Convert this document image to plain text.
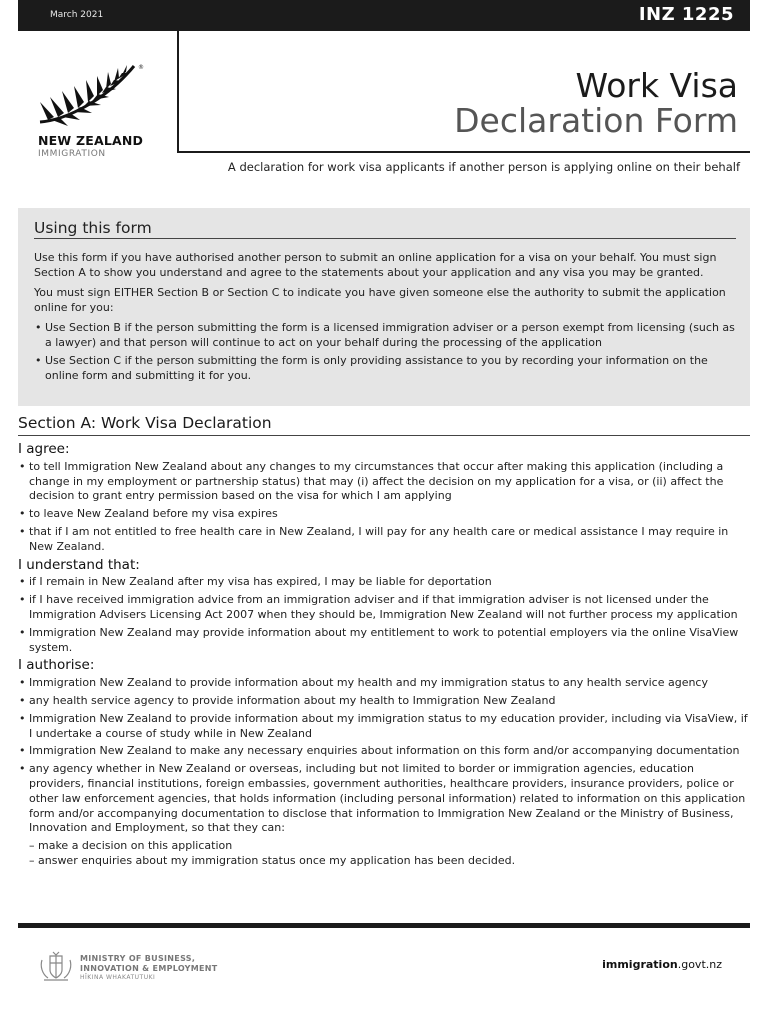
March 2021	INZ 1225
®
NEW ZEALAND
IMMIGRATION
Work Visa
Declaration Form
A declaration for work visa applicants if another person is applying online on their behalf
Using this form

Use this form if you have authorised another person to submit an online application for a visa on your behalf. You must sign Section A to show you understand and agree to the statements about your application and any visa you may be granted.

You must sign EITHER Section B or Section C to indicate you have given someone else the authority to submit the application online for you:

• Use Section B if the person submitting the form is a licensed immigration adviser or a person exempt from licensing (such as a lawyer) and that person will continue to act on your behalf during the processing of the application
• Use Section C if the person submitting the form is only providing assistance to you by recording your information on the online form and submitting it for you.
Section A: Work Visa Declaration
I agree:
• to tell Immigration New Zealand about any changes to my circumstances that occur after making this application (including a change in my employment or partnership status) that may (i) affect the decision on my application for a visa, or (ii) affect the decision to grant entry permission based on the visa for which I am applying
• to leave New Zealand before my visa expires
• that if I am not entitled to free health care in New Zealand, I will pay for any health care or medical assistance I may require in New Zealand.
I understand that:
• if I remain in New Zealand after my visa has expired, I may be liable for deportation
• if I have received immigration advice from an immigration adviser and if that immigration adviser is not licensed under the Immigration Advisers Licensing Act 2007 when they should be, Immigration New Zealand will not further process my application
• Immigration New Zealand may provide information about my entitlement to work to potential employers via the online VisaView system.
I authorise:
• Immigration New Zealand to provide information about my health and my immigration status to any health service agency
• any health service agency to provide information about my health to Immigration New Zealand
• Immigration New Zealand to provide information about my immigration status to my education provider, including via VisaView, if I undertake a course of study while in New Zealand
• Immigration New Zealand to make any necessary enquiries about information on this form and/or accompanying documentation
• any agency whether in New Zealand or overseas, including but not limited to border or immigration agencies, education providers, financial institutions, foreign embassies, government authorities, healthcare providers, insurance providers, police or other law enforcement agencies, that holds information (including personal information) related to information on this application form and/or accompanying documentation to disclose that information to Immigration New Zealand or the Ministry of Business, Innovation and Employment, so that they can:
– make a decision on this application
– answer enquiries about my immigration status once my application has been decided.
MINISTRY OF BUSINESS,
INNOVATION & EMPLOYMENT
HĪKINA WHAKATUTUKI
immigration.govt.nz
